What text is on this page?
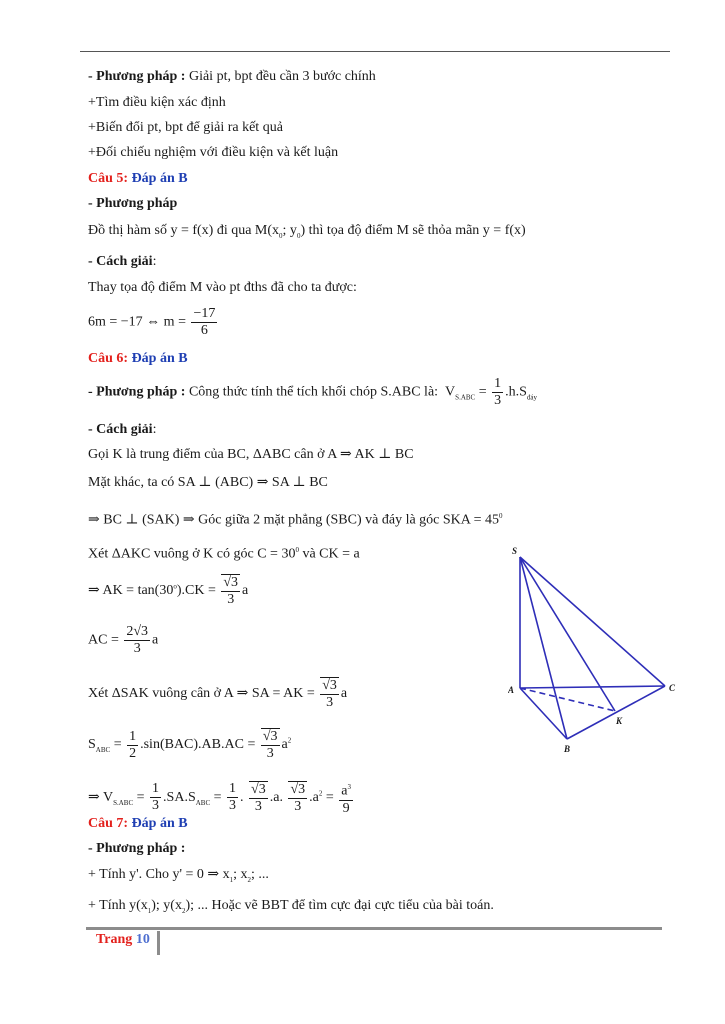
- Phương pháp : Giải pt, bpt đều cần 3 bước chính
+Tìm điều kiện xác định
+Biến đổi pt, bpt để giải ra kết quả
+Đối chiếu nghiệm với điều kiện và kết luận
Câu 5: Đáp án B
- Phương pháp
Đồ thị hàm số y = f(x) đi qua $M(x_0$; $y_0$) thì tọa độ điểm M sẽ thỏa mãn y = f(x)
- Cách giải:
Thay tọa độ điểm M vào pt đths đã cho ta được:
6m = −17 ⇔ $m = \frac{-17}{6}$
Câu 6: Đáp án B
- Phương pháp : Công thức tính thể tích khối chóp S.ABC là: $V_{S.ABC} = \frac{1}{3} .h.S_{đáy}$
- Cách giải:
Gọi K là trung điểm của BC, ΔABC cân ở A ⇒ AK ⊥ BC
Mặt khác, ta có SA ⊥ (ABC) ⇒ SA ⊥ BC
⇒ BC ⊥ (SAK) ⇒ Góc giữa 2 mặt phẳng (SBC) và đáy là góc SKA = $45^0$
Xét ΔAKC vuông ở K có góc $C = 30^0$ và CK = a
⇒ AK = $\tan(30^o).CK = \frac{√3}{3}$ a
AC = $\frac{2√3}{3}$ a
Xét ΔSAK vuông cân ở A ⇒ SA = AK = $\frac{√3}{3}$ a
$S_{ABC} = \frac{1}{2} .\sin(BAC).AB.AC = \frac{√3}{3} a^2$
⇒ $V_{S.ABC} = \frac{1}{3} .SA.S_{ABC} = \frac{1}{3}$ . $\frac{√3}{3} .a$. $\frac{√3}{3} .a^2 = \frac{a^3}{9}$
Câu 7: Đáp án B
- Phương pháp :
+ Tính y'. Cho y' = 0 ⇒ $x_1$; $x_2$; ...
+ Tính $y(x_1)$; $y(x_2)$; ... Hoặc vẽ BBT để tìm cực đại cực tiểu của bài toán.
S
A	C
K
B
Trang 10
